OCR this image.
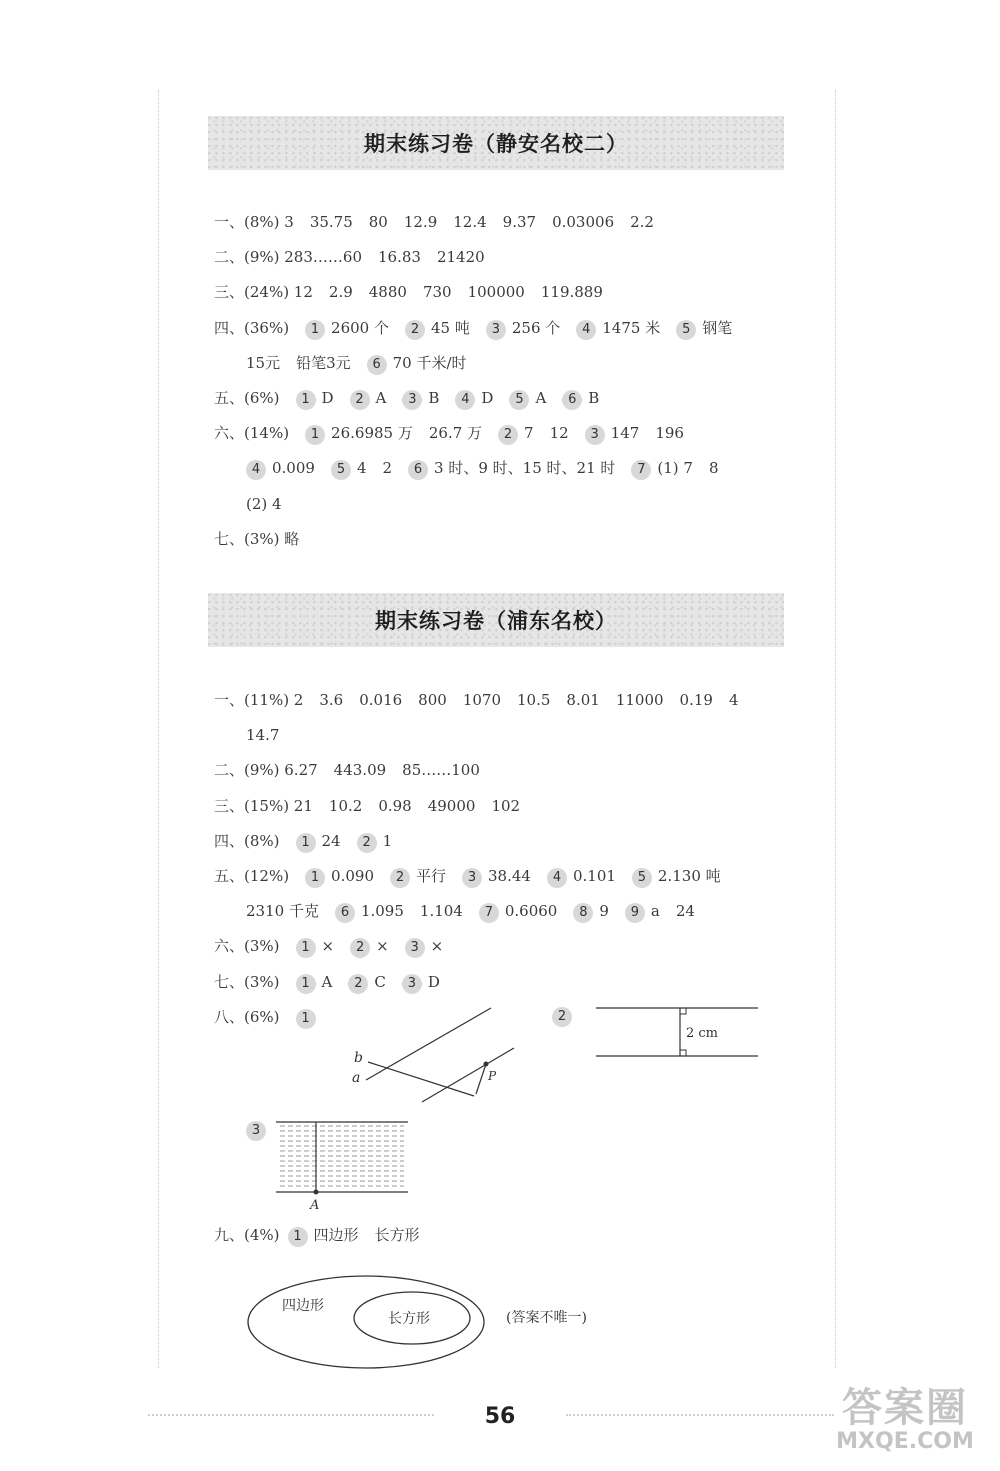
期末练习卷（静安名校二）
一、(8%) 3 35.75 80 12.9 12.4 9.37 0.03006 2.2
二、(9%) 283……60 16.83 21420
三、(24%) 12 2.9 4880 730 100000 119.889
四、(36%) 1 2600 个 2 45 吨 3 256 个 4 1475 米 5 钢笔
15元 铅笔3元 6 70 千米/时
五、(6%) 1 D 2 A 3 B 4 D 5 A 6 B
六、(14%) 1 26.6985 万 26.7 万 2 7 12 3 147 196
4 0.009 5 4 2 6 3 时、9 时、15 时、21 时 7 (1) 7 8
(2) 4
七、(3%) 略
期末练习卷（浦东名校）
一、(11%) 2 3.6 0.016 800 1070 10.5 8.01 11000 0.19 4
14.7
二、(9%) 6.27 443.09 85……100
三、(15%) 21 10.2 0.98 49000 102
四、(8%) 1 24 2 1
五、(12%) 1 0.090 2 平行 3 38.44 4 0.101 5 2.130 吨
2310 千克 6 1.095 1.104 7 0.6060 8 9 9 a 24
六、(3%) 1 × 2 × 3 ×
七、(3%) 1 A 2 C 3 D
八、(6%) 1
b
a	P
2
2 cm
3
A
九、(4%) 1 四边形 长方形
四边形
长方形	(答案不唯一)
56	答案圈
MXQE.COM
